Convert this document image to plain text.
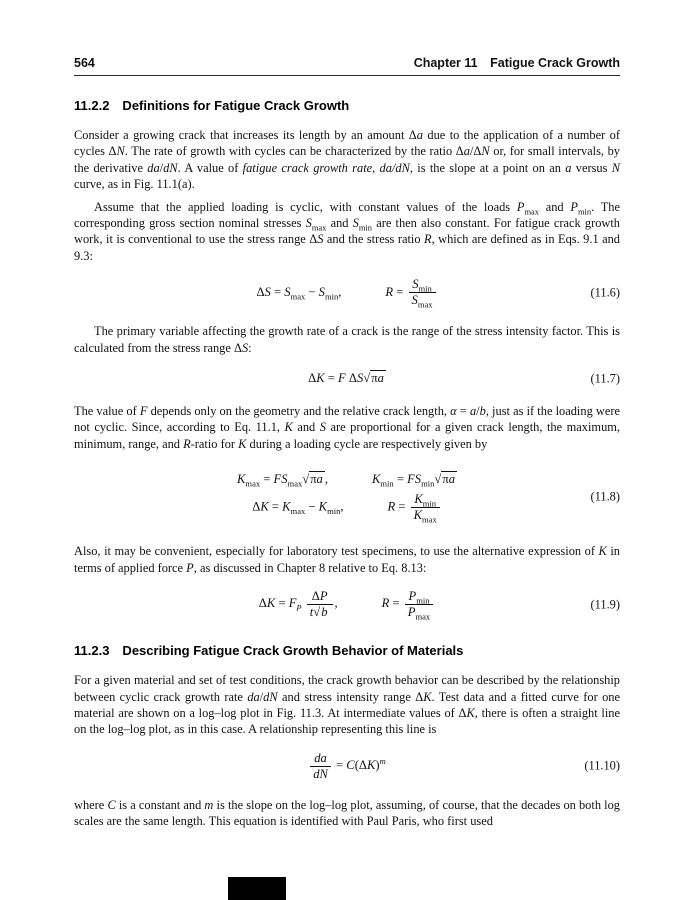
564	Chapter 11  Fatigue Crack Growth
11.2.2  Definitions for Fatigue Crack Growth

Consider a growing crack that increases its length by an amount Δa due to the application of a number of cycles ΔN. The rate of growth with cycles can be characterized by the ratio Δa/ΔN or, for small intervals, by the derivative da/dN. A value of fatigue crack growth rate, da/dN, is the slope at a point on an a versus N curve, as in Fig. 11.1(a).

Assume that the applied loading is cyclic, with constant values of the loads $P_{max}$ and $P_{min}$. The corresponding gross section nominal stresses $S_{max}$ and $S_{min}$ are then also constant. For fatigue crack growth work, it is conventional to use the stress range ΔS and the stress ratio R, which are defined as in Eqs. 9.1 and 9.3:

$\Delta S = S_{max} - S_{min}$,	R =
$S_{min}$
$S_{max}$
(11.6)

The primary variable affecting the growth rate of a crack is the range of the stress intensity factor. This is calculated from the stress range ΔS:

ΔK = F ΔS√πa	(11.7)

The value of F depends only on the geometry and the relative crack length, α = a/b, just as if the loading were not cyclic. Since, according to Eq. 11.1, K and S are proportional for a given crack length, the maximum, minimum, range, and R-ratio for K during a loading cycle are respectively given by

$K_{max} = FS_{max}√\pi a$ ,	$K_{min} = FS_{min}√\pi a$
$\Delta K = K_{max} - K_{min}$,	R =
$K_{min}$
$K_{max}$
(11.8)

Also, it may be convenient, especially for laboratory test specimens, to use the alternative expression of K in terms of applied force P, as discussed in Chapter 8 relative to Eq. 8.13:

$\Delta K = F_P \frac{\Delta P}{t√b}$ ,	R =
$P_{min}$
$P_{max}$
(11.9)
11.2.3  Describing Fatigue Crack Growth Behavior of Materials

For a given material and set of test conditions, the crack growth behavior can be described by the relationship between cyclic crack growth rate da/dN and stress intensity range ΔK. Test data and a fitted curve for one material are shown on a log–log plot in Fig. 11.3. At intermediate values of ΔK, there is often a straight line on the log–log plot, as in this case. A relationship representing this line is

$\frac{da}{dN} = C(\Delta K)^m$	(11.10)

where C is a constant and m is the slope on the log–log plot, assuming, of course, that the decades on both log scales are the same length. This equation is identified with Paul Paris, who first used
